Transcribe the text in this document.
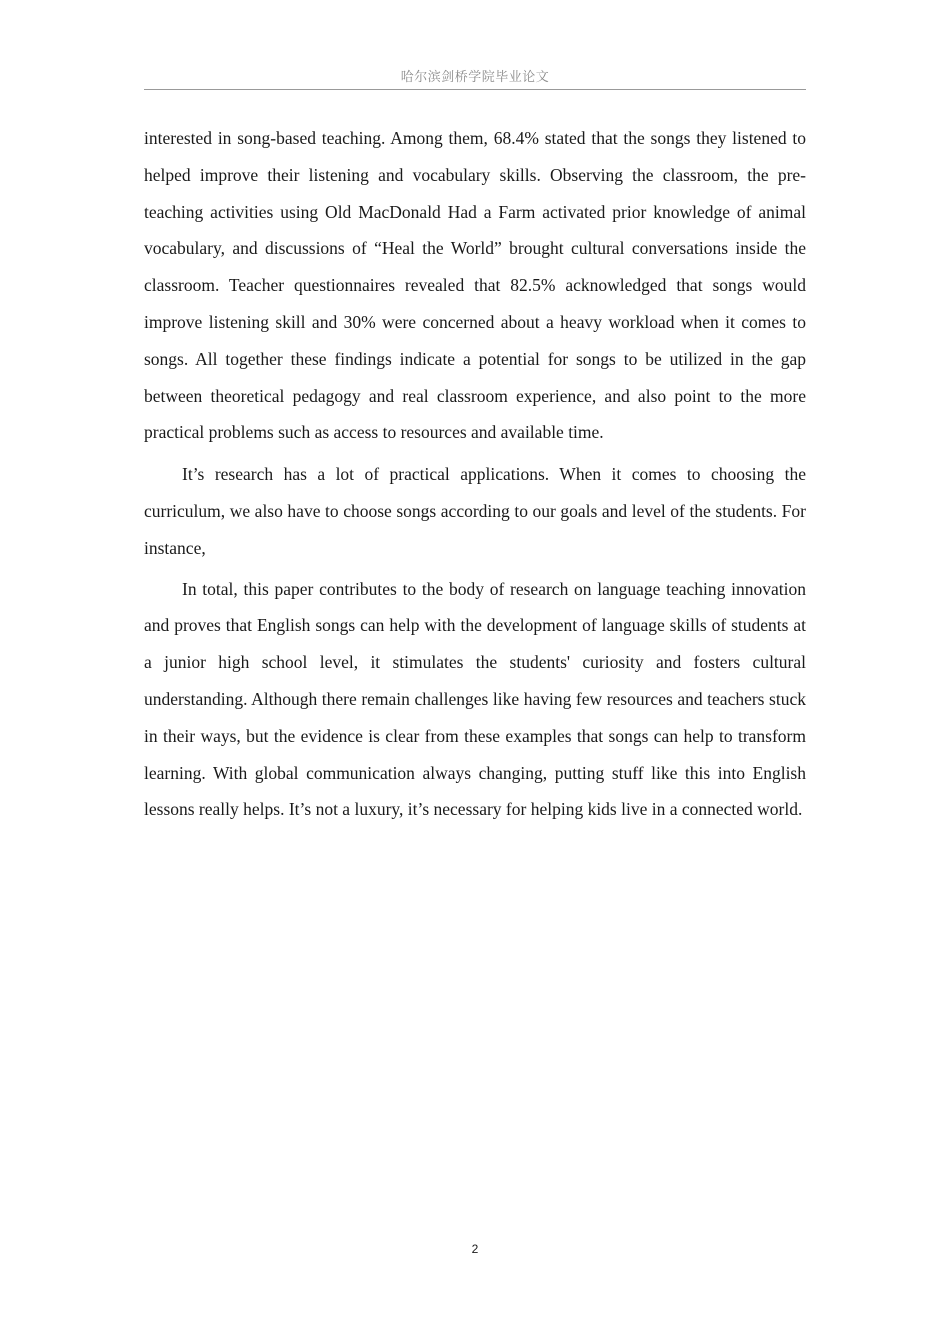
哈尔滨剑桥学院毕业论文

interested in song-based teaching. Among them, 68.4% stated that the songs they listened to helped improve their listening and vocabulary skills. Observing the classroom, the pre-teaching activities using Old MacDonald Had a Farm activated prior knowledge of animal vocabulary, and discussions of “Heal the World” brought cultural conversations inside the classroom. Teacher questionnaires revealed that 82.5% acknowledged that songs would improve listening skill and 30% were concerned about a heavy workload when it comes to songs. All together these findings indicate a potential for songs to be utilized in the gap between theoretical pedagogy and real classroom experience, and also point to the more practical problems such as access to resources and available time.

It’s research has a lot of practical applications. When it comes to choosing the curriculum, we also have to choose songs according to our goals and level of the students. For instance,

In total, this paper contributes to the body of research on language teaching innovation and proves that English songs can help with the development of language skills of students at a junior high school level, it stimulates the students' curiosity and fosters cultural understanding. Although there remain challenges like having few resources and teachers stuck in their ways, but the evidence is clear from these examples that songs can help to transform learning. With global communication always changing, putting stuff like this into English lessons really helps. It’s not a luxury, it’s necessary for helping kids live in a connected world.

2
